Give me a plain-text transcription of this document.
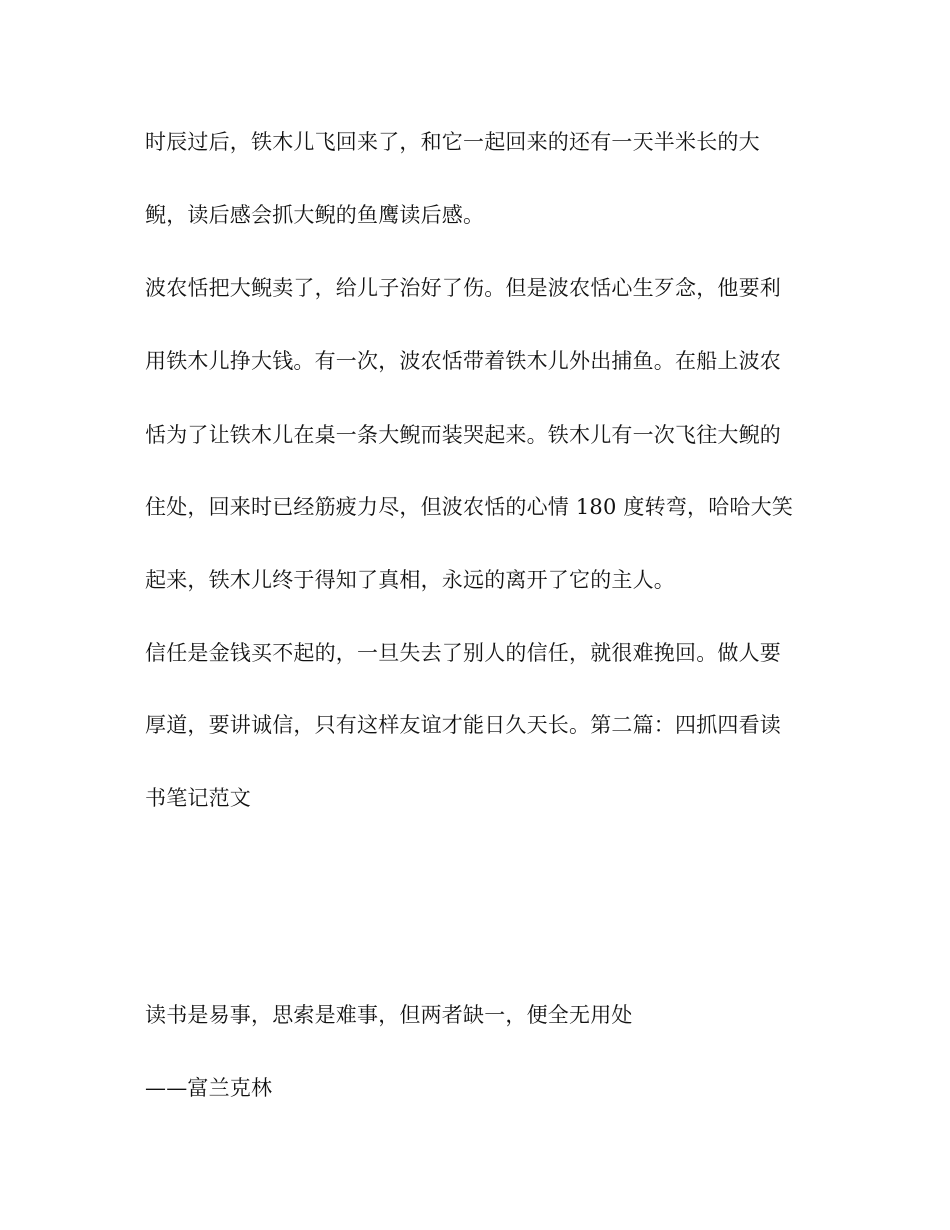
时辰过后，铁木儿飞回来了，和它一起回来的还有一天半米长的大
鲵，读后感会抓大鲵的鱼鹰读后感。
波农恬把大鲵卖了，给儿子治好了伤。但是波农恬心生歹念，他要利
用铁木儿挣大钱。有一次，波农恬带着铁木儿外出捕鱼。在船上波农
恬为了让铁木儿在桌一条大鲵而装哭起来。铁木儿有一次飞往大鲵的
住处，回来时已经筋疲力尽，但波农恬的心情 180 度转弯，哈哈大笑
起来，铁木儿终于得知了真相，永远的离开了它的主人。
信任是金钱买不起的，一旦失去了别人的信任，就很难挽回。做人要
厚道，要讲诚信，只有这样友谊才能日久天长。第二篇：四抓四看读
书笔记范文
读书是易事，思索是难事，但两者缺一，便全无用处
——富兰克林
